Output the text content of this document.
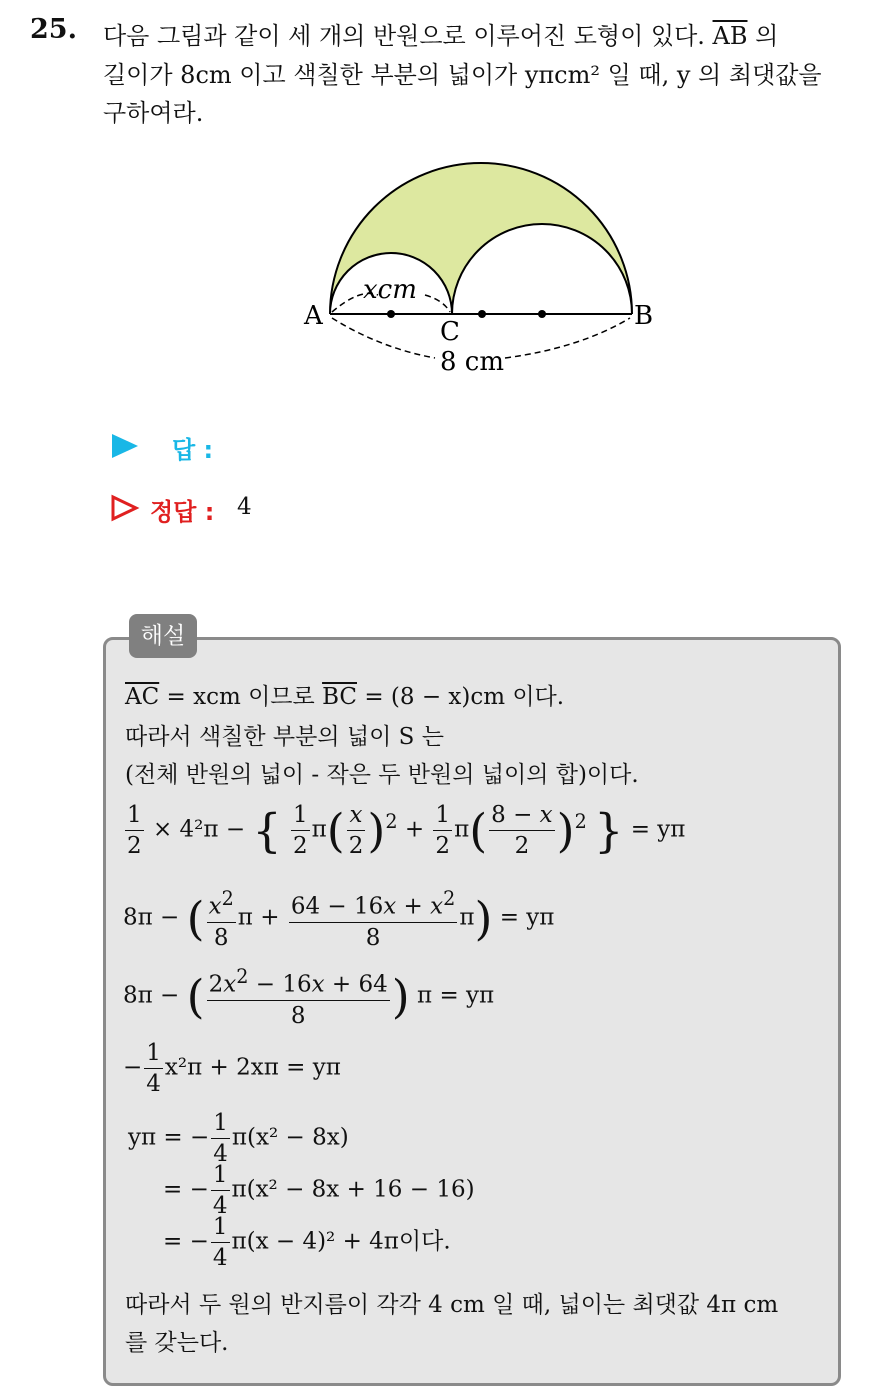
25. 다음 그림과 같이 세 개의 반원으로 이루어진 도형이 있다. $\overline{AB}$ 의
길이가 8cm 이고 색칠한 부분의 넓이가 yπcm² 일 때, y 의 최댓값을
구하여라.
A	B
C
xcm
8 cm
답 :
정답 : 4
해설
$\overline{AC}$ = xcm 이므로 $\overline{BC} = (8 - x)cm$ 이다.
따라서 색칠한 부분의 넓이 S 는
(전체 반원의 넓이 - 작은 두 반원의 넓이의 합)이다.
$\frac{1}{2} \times 4^2\pi$ − { $\frac{1}{2} \pi( \frac{x}{2} )^2 + \frac{1}{2} \pi( \frac{8 - x}{2} )^2$ } = yπ
8π − ( $\frac{x^2}{8}$ $\pi + \frac{64 - 16x + x^2}{8} \pi) = y\pi$
8π − ( $\frac{2x^2 - 16x + 64}{8}$ ) π = yπ
− $\frac{1}{4} x^2\pi + 2x\pi = y\pi$
yπ = − $\frac{1}{4} \pi(x^2 - 8x)$
= − $\frac{1}{4} \pi(x^2 - 8x + 16 - 16)$
= − $\frac{1}{4} \pi(x - 4)^2 + 4\pi$이다.
따라서 두 원의 반지름이 각각 4 cm 일 때, 넓이는 최댓값 4π cm
를 갖는다.
